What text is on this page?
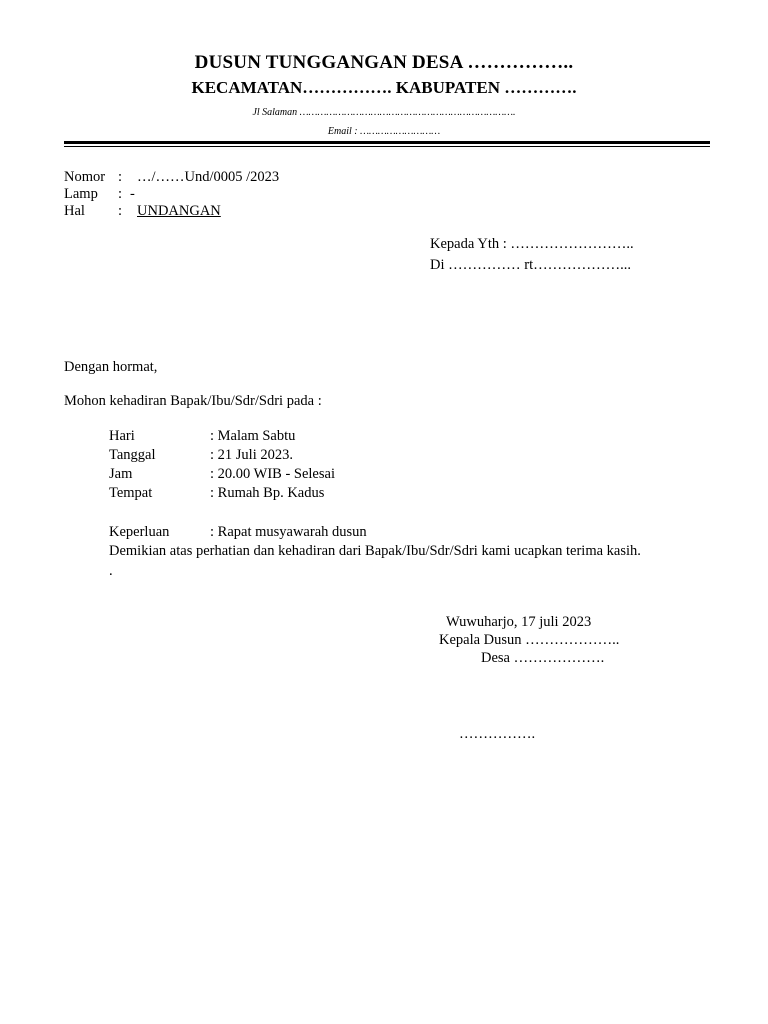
DUSUN TUNGGANGAN DESA ……………..
KECAMATAN……………. KABUPATEN ………….
Jl Salaman ……………………………………………………………….
Email : ………………………
Nomor : …/……Und/0005 /2023
Lamp : -
Hal : UNDANGAN
Kepada Yth : ……………………..
Di …………… rt………………...
Dengan hormat,
Mohon kehadiran Bapak/Ibu/Sdr/Sdri pada :
Hari	: Malam Sabtu
Tanggal	: 21 Juli 2023.
Jam	: 20.00 WIB - Selesai
Tempat	: Rumah Bp. Kadus
Keperluan	: Rapat musyawarah dusun
Demikian atas perhatian dan kehadiran dari Bapak/Ibu/Sdr/Sdri kami ucapkan terima kasih.
.
Wuwuharjo, 17 juli 2023
Kepala Dusun ………………..
Desa ……………….
…………….
